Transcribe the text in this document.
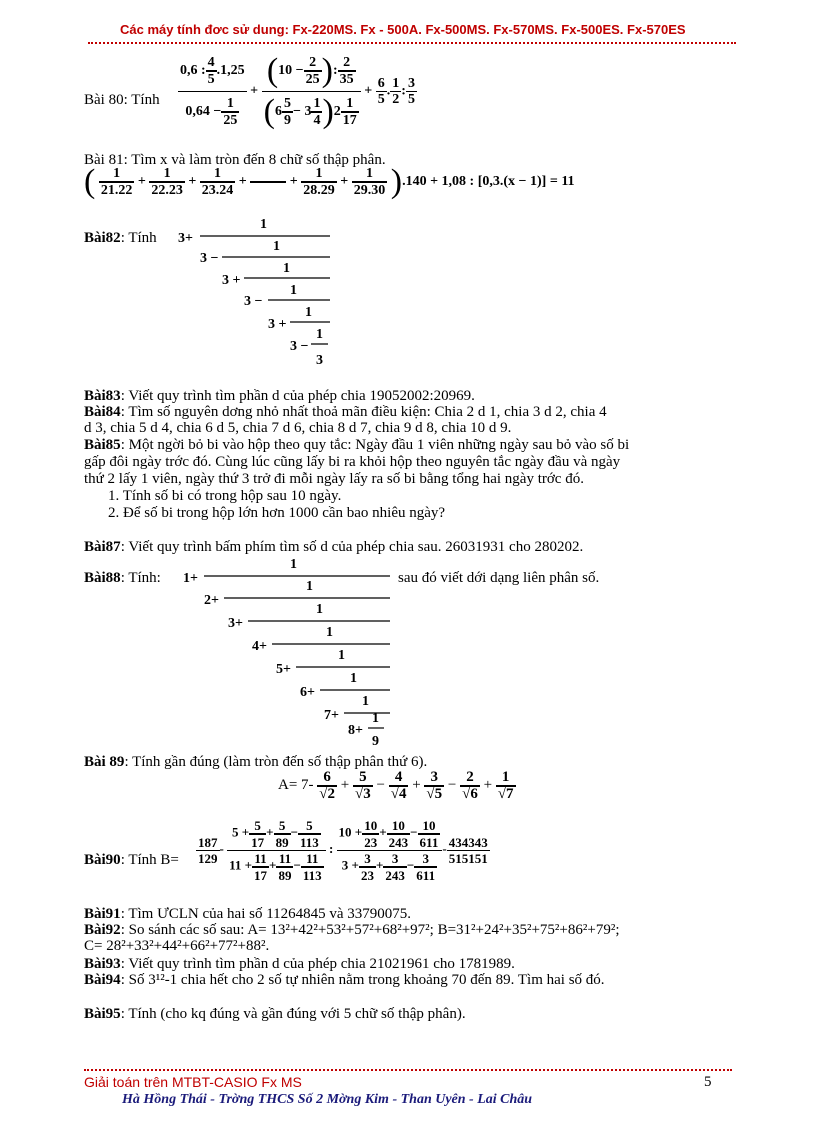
Các máy tính đơc sử dung: Fx-220MS. Fx - 500A. Fx-500MS. Fx-570MS. Fx-500ES. Fx-570ES
Bài 80: Tính $\frac{0,6 : \frac{4}{5} .1,25}{0,64 - \frac{1}{25}} + \frac{(10 - \frac{2}{25} ): \frac{2}{35}}{(6 \frac{5}{9} - 3 \frac{1}{4} )2 \frac{1}{17}} + \frac{6}{5}$ . $\frac{1}{2}$ : $\frac{3}{5}$
Bài 81: Tìm x và làm tròn đến 8 chữ số thập phân.
( $\frac{1}{21.22} + \frac{1}{22.23} + \frac{1}{23.24}$ +

	+ $\frac{1}{28.29} + \frac{1}{29.30} ).140 + 1,08$ : [0,3.(x − 1)] = 11
Bài82: Tính 3+
1
3 −
1
3 +
1
3 −
1
3 +
1
3 −
1
3
Bài83: Viết quy trình tìm phần d của phép chia 19052002:20969.
Bài84: Tìm số nguyên dơng nhỏ nhất thoả mãn điều kiện: Chia 2 d 1, chia 3 d 2, chia 4
d 3, chia 5 d 4, chia 6 d 5, chia 7 d 6, chia 8 d 7, chia 9 d 8, chia 10 d 9.
Bài85: Một ngời bỏ bi vào hộp theo quy tắc: Ngày đầu 1 viên những ngày sau bỏ vào số bi
gấp đôi ngày trớc đó. Cùng lúc cũng lấy bi ra khỏi hộp theo nguyên tắc ngày đầu và ngày
thứ 2 lấy 1 viên, ngày thứ 3 trở đi mỗi ngày lấy ra số bi bằng tổng hai ngày trớc đó.
1. Tính số bi có trong hộp sau 10 ngày.
2. Để số bi trong hộp lớn hơn 1000 cần bao nhiêu ngày?
Bài87: Viết quy trình bấm phím tìm số d của phép chia sau. 26031931 cho 280202.
Bài88: Tính:	sau đó viết dới dạng liên phân số.
1+
1
2+
1
3+
1
4+
1
5+
1
6+
1
7+
1
8+
1
9
Bài 89: Tính gần đúng (làm tròn đến số thập phân thứ 6).
$A= 7- \frac{6}{√2} + \frac{5}{√3} - \frac{4}{√4} + \frac{3}{√5} - \frac{2}{√6} + \frac{1}{√7}$
Bài90: Tính $B= \frac{187}{129} - \frac{5 + \frac{5}{17} + \frac{5}{89} - \frac{5}{113}}{11 + \frac{11}{17} + \frac{11}{89} - \frac{11}{113}}$ : $\frac{10 + \frac{10}{23} + \frac{10}{243} - \frac{10}{611}}{3 + \frac{3}{23} + \frac{3}{243} - \frac{3}{611}} - \frac{434343}{515151}$
Bài91: Tìm ƯCLN của hai số 11264845 và 33790075.
Bài92: So sánh các số sau: A= 13²+42²+53²+57²+68²+97²; B=31²+24²+35²+75²+86²+79²;
C= 28²+33²+44²+66²+77²+88².
Bài93: Viết quy trình tìm phần d của phép chia 21021961 cho 1781989.
Bài94: Số 3¹²-1 chia hết cho 2 số tự nhiên nằm trong khoảng 70 đến 89. Tìm hai số đó.
Bài95: Tính (cho kq đúng và gần đúng với 5 chữ số thập phân).
Giải toán trên MTBT-CASIO Fx MS	5
Hà Hồng Thái - Trờng THCS Số 2 Mờng Kim - Than Uyên - Lai Châu
